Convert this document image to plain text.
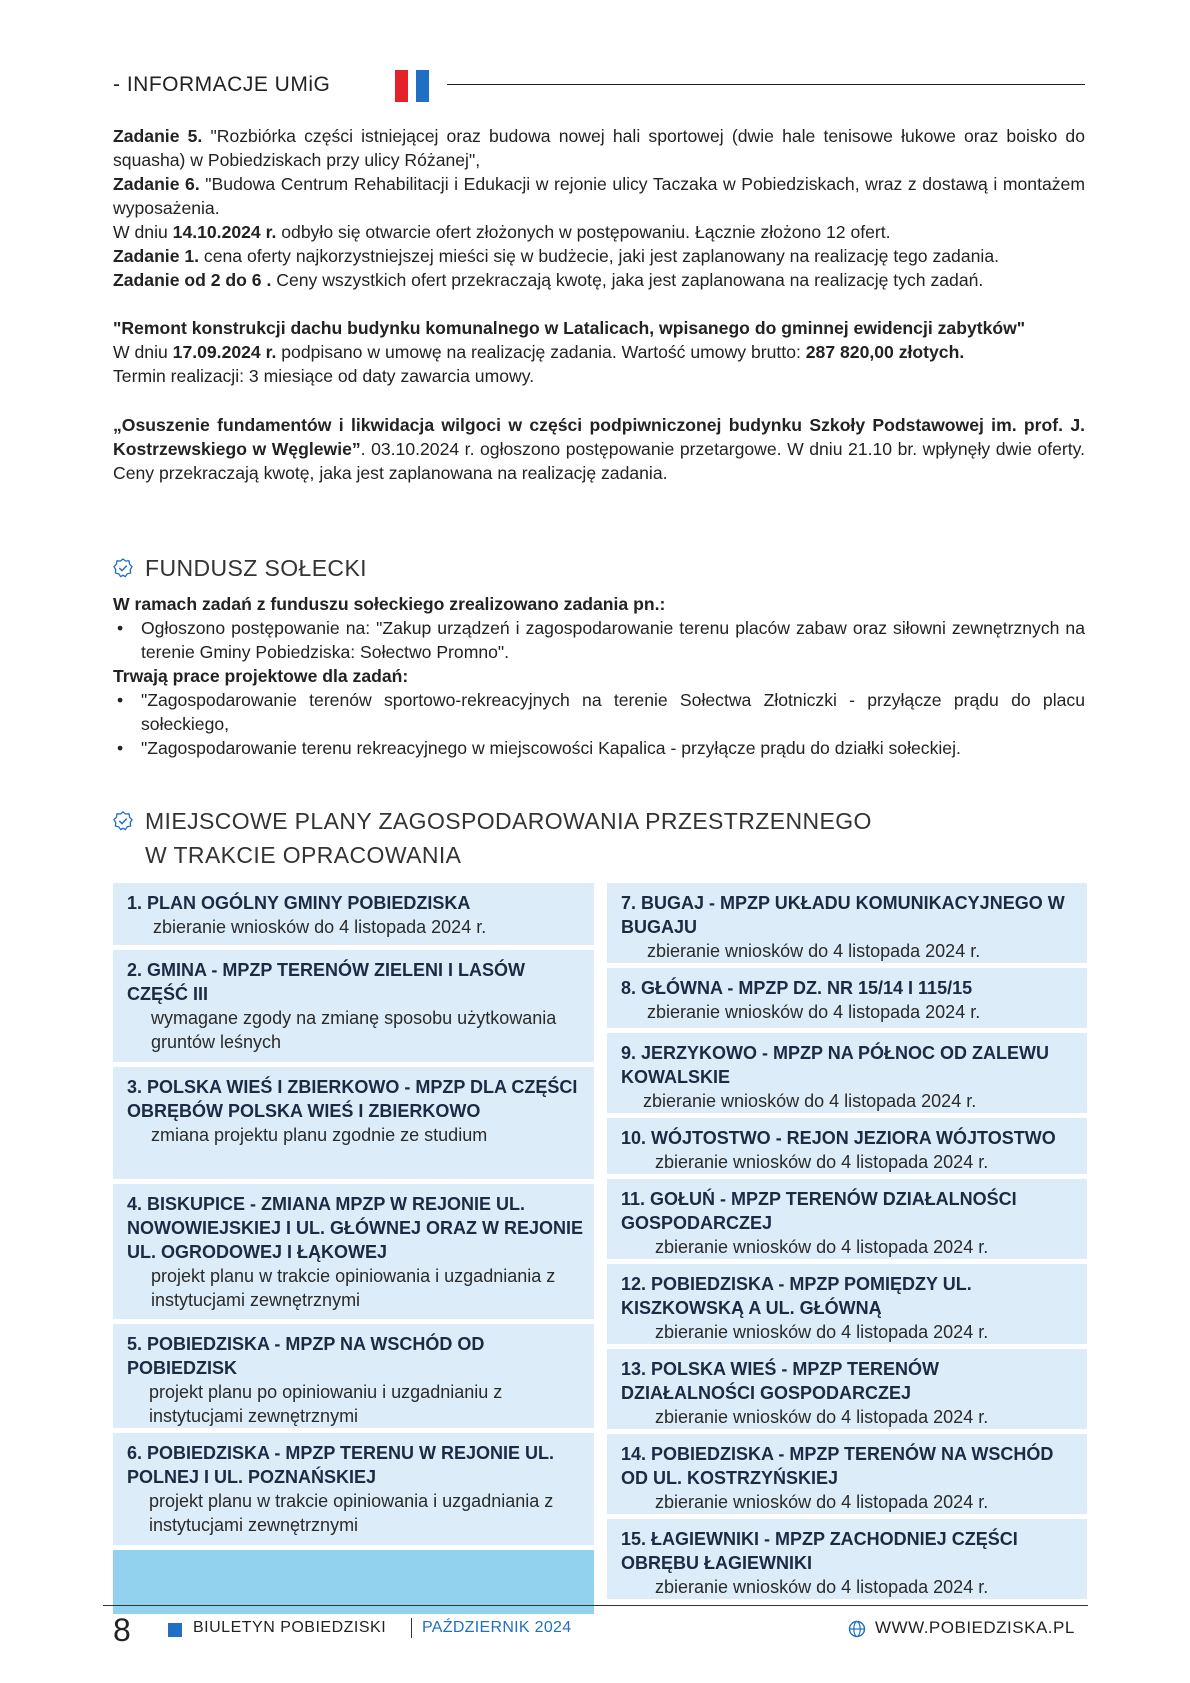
- INFORMACJE UMiG

Zadanie 5. "Rozbiórka części istniejącej oraz budowa nowej hali sportowej (dwie hale tenisowe łukowe oraz boisko do squasha) w Pobiedziskach przy ulicy Różanej",

Zadanie 6. "Budowa Centrum Rehabilitacji i Edukacji w rejonie ulicy Taczaka w Pobiedziskach, wraz z dostawą i montażem wyposażenia.

W dniu 14.10.2024 r. odbyło się otwarcie ofert złożonych w postępowaniu. Łącznie złożono 12 ofert.

Zadanie 1. cena oferty najkorzystniejszej mieści się w budżecie, jaki jest zaplanowany na realizację tego zadania.

Zadanie od 2 do 6 . Ceny wszystkich ofert przekraczają kwotę, jaka jest zaplanowana na realizację tych zadań.

"Remont konstrukcji dachu budynku komunalnego w Latalicach, wpisanego do gminnej ewidencji zabytków"

W dniu 17.09.2024 r. podpisano w umowę na realizację zadania. Wartość umowy brutto: 287 820,00 złotych.

Termin realizacji: 3 miesiące od daty zawarcia umowy.

„Osuszenie fundamentów i likwidacja wilgoci w części podpiwniczonej budynku Szkoły Podstawowej im. prof. J. Kostrzewskiego w Węglewie”. 03.10.2024 r. ogłoszono postępowanie przetargowe. W dniu 21.10 br. wpłynęły dwie oferty. Ceny przekraczają kwotę, jaka jest zaplanowana na realizację zadania.

FUNDUSZ SOŁECKI

W ramach zadań z funduszu sołeckiego zrealizowano zadania pn.:

• Ogłoszono postępowanie na: "Zakup urządzeń i zagospodarowanie terenu placów zabaw oraz siłowni zewnętrznych na terenie Gminy Pobiedziska: Sołectwo Promno".

Trwają prace projektowe dla zadań:

• "Zagospodarowanie terenów sportowo-rekreacyjnych na terenie Sołectwa Złotniczki - przyłącze prądu do placu sołeckiego,
• "Zagospodarowanie terenu rekreacyjnego w miejscowości Kapalica - przyłącze prądu do działki sołeckiej.
MIEJSCOWE PLANY ZAGOSPODAROWANIA PRZESTRZENNEGO
W TRAKCIE OPRACOWANIA
1. PLAN OGÓLNY GMINY POBIEDZISKA
zbieranie wniosków do 4 listopada 2024 r.
2. GMINA - MPZP TERENÓW ZIELENI I LASÓW CZĘŚĆ III
wymagane zgody na zmianę sposobu użytkowania gruntów leśnych
3. POLSKA WIEŚ I ZBIERKOWO - MPZP DLA CZĘŚCI OBRĘBÓW POLSKA WIEŚ I ZBIERKOWO
zmiana projektu planu zgodnie ze studium
4. BISKUPICE - ZMIANA MPZP W REJONIE UL. NOWOWIEJSKIEJ I UL. GŁÓWNEJ ORAZ W REJONIE UL. OGRODOWEJ I ŁĄKOWEJ
projekt planu w trakcie opiniowania i uzgadniania z instytucjami zewnętrznymi
5. POBIEDZISKA - MPZP NA WSCHÓD OD POBIEDZISK
projekt planu po opiniowaniu i uzgadnianiu z instytucjami zewnętrznymi
6. POBIEDZISKA - MPZP TERENU W REJONIE UL. POLNEJ I UL. POZNAŃSKIEJ
projekt planu w trakcie opiniowania i uzgadniania z instytucjami zewnętrznymi
7. BUGAJ - MPZP UKŁADU KOMUNIKACYJNEGO W BUGAJU
zbieranie wniosków do 4 listopada 2024 r.
8. GŁÓWNA - MPZP DZ. NR 15/14 I 115/15
zbieranie wniosków do 4 listopada 2024 r.
9. JERZYKOWO - MPZP NA PÓŁNOC OD ZALEWU KOWALSKIE
zbieranie wniosków do 4 listopada 2024 r.
10. WÓJTOSTWO - REJON JEZIORA WÓJTOSTWO
zbieranie wniosków do 4 listopada 2024 r.
11. GOŁUŃ - MPZP TERENÓW DZIAŁALNOŚCI GOSPODARCZEJ
zbieranie wniosków do 4 listopada 2024 r.
12. POBIEDZISKA - MPZP POMIĘDZY UL. KISZKOWSKĄ A UL. GŁÓWNĄ
zbieranie wniosków do 4 listopada 2024 r.
13. POLSKA WIEŚ - MPZP TERENÓW DZIAŁALNOŚCI GOSPODARCZEJ
zbieranie wniosków do 4 listopada 2024 r.
14. POBIEDZISKA - MPZP TERENÓW NA WSCHÓD OD UL. KOSTRZYŃSKIEJ
zbieranie wniosków do 4 listopada 2024 r.
15. ŁAGIEWNIKI - MPZP ZACHODNIEJ CZĘŚCI OBRĘBU ŁAGIEWNIKI
zbieranie wniosków do 4 listopada 2024 r.
8	BIULETYN POBIEDZISKI PAŹDZIERNIK 2024	WWW.POBIEDZISKA.PL
